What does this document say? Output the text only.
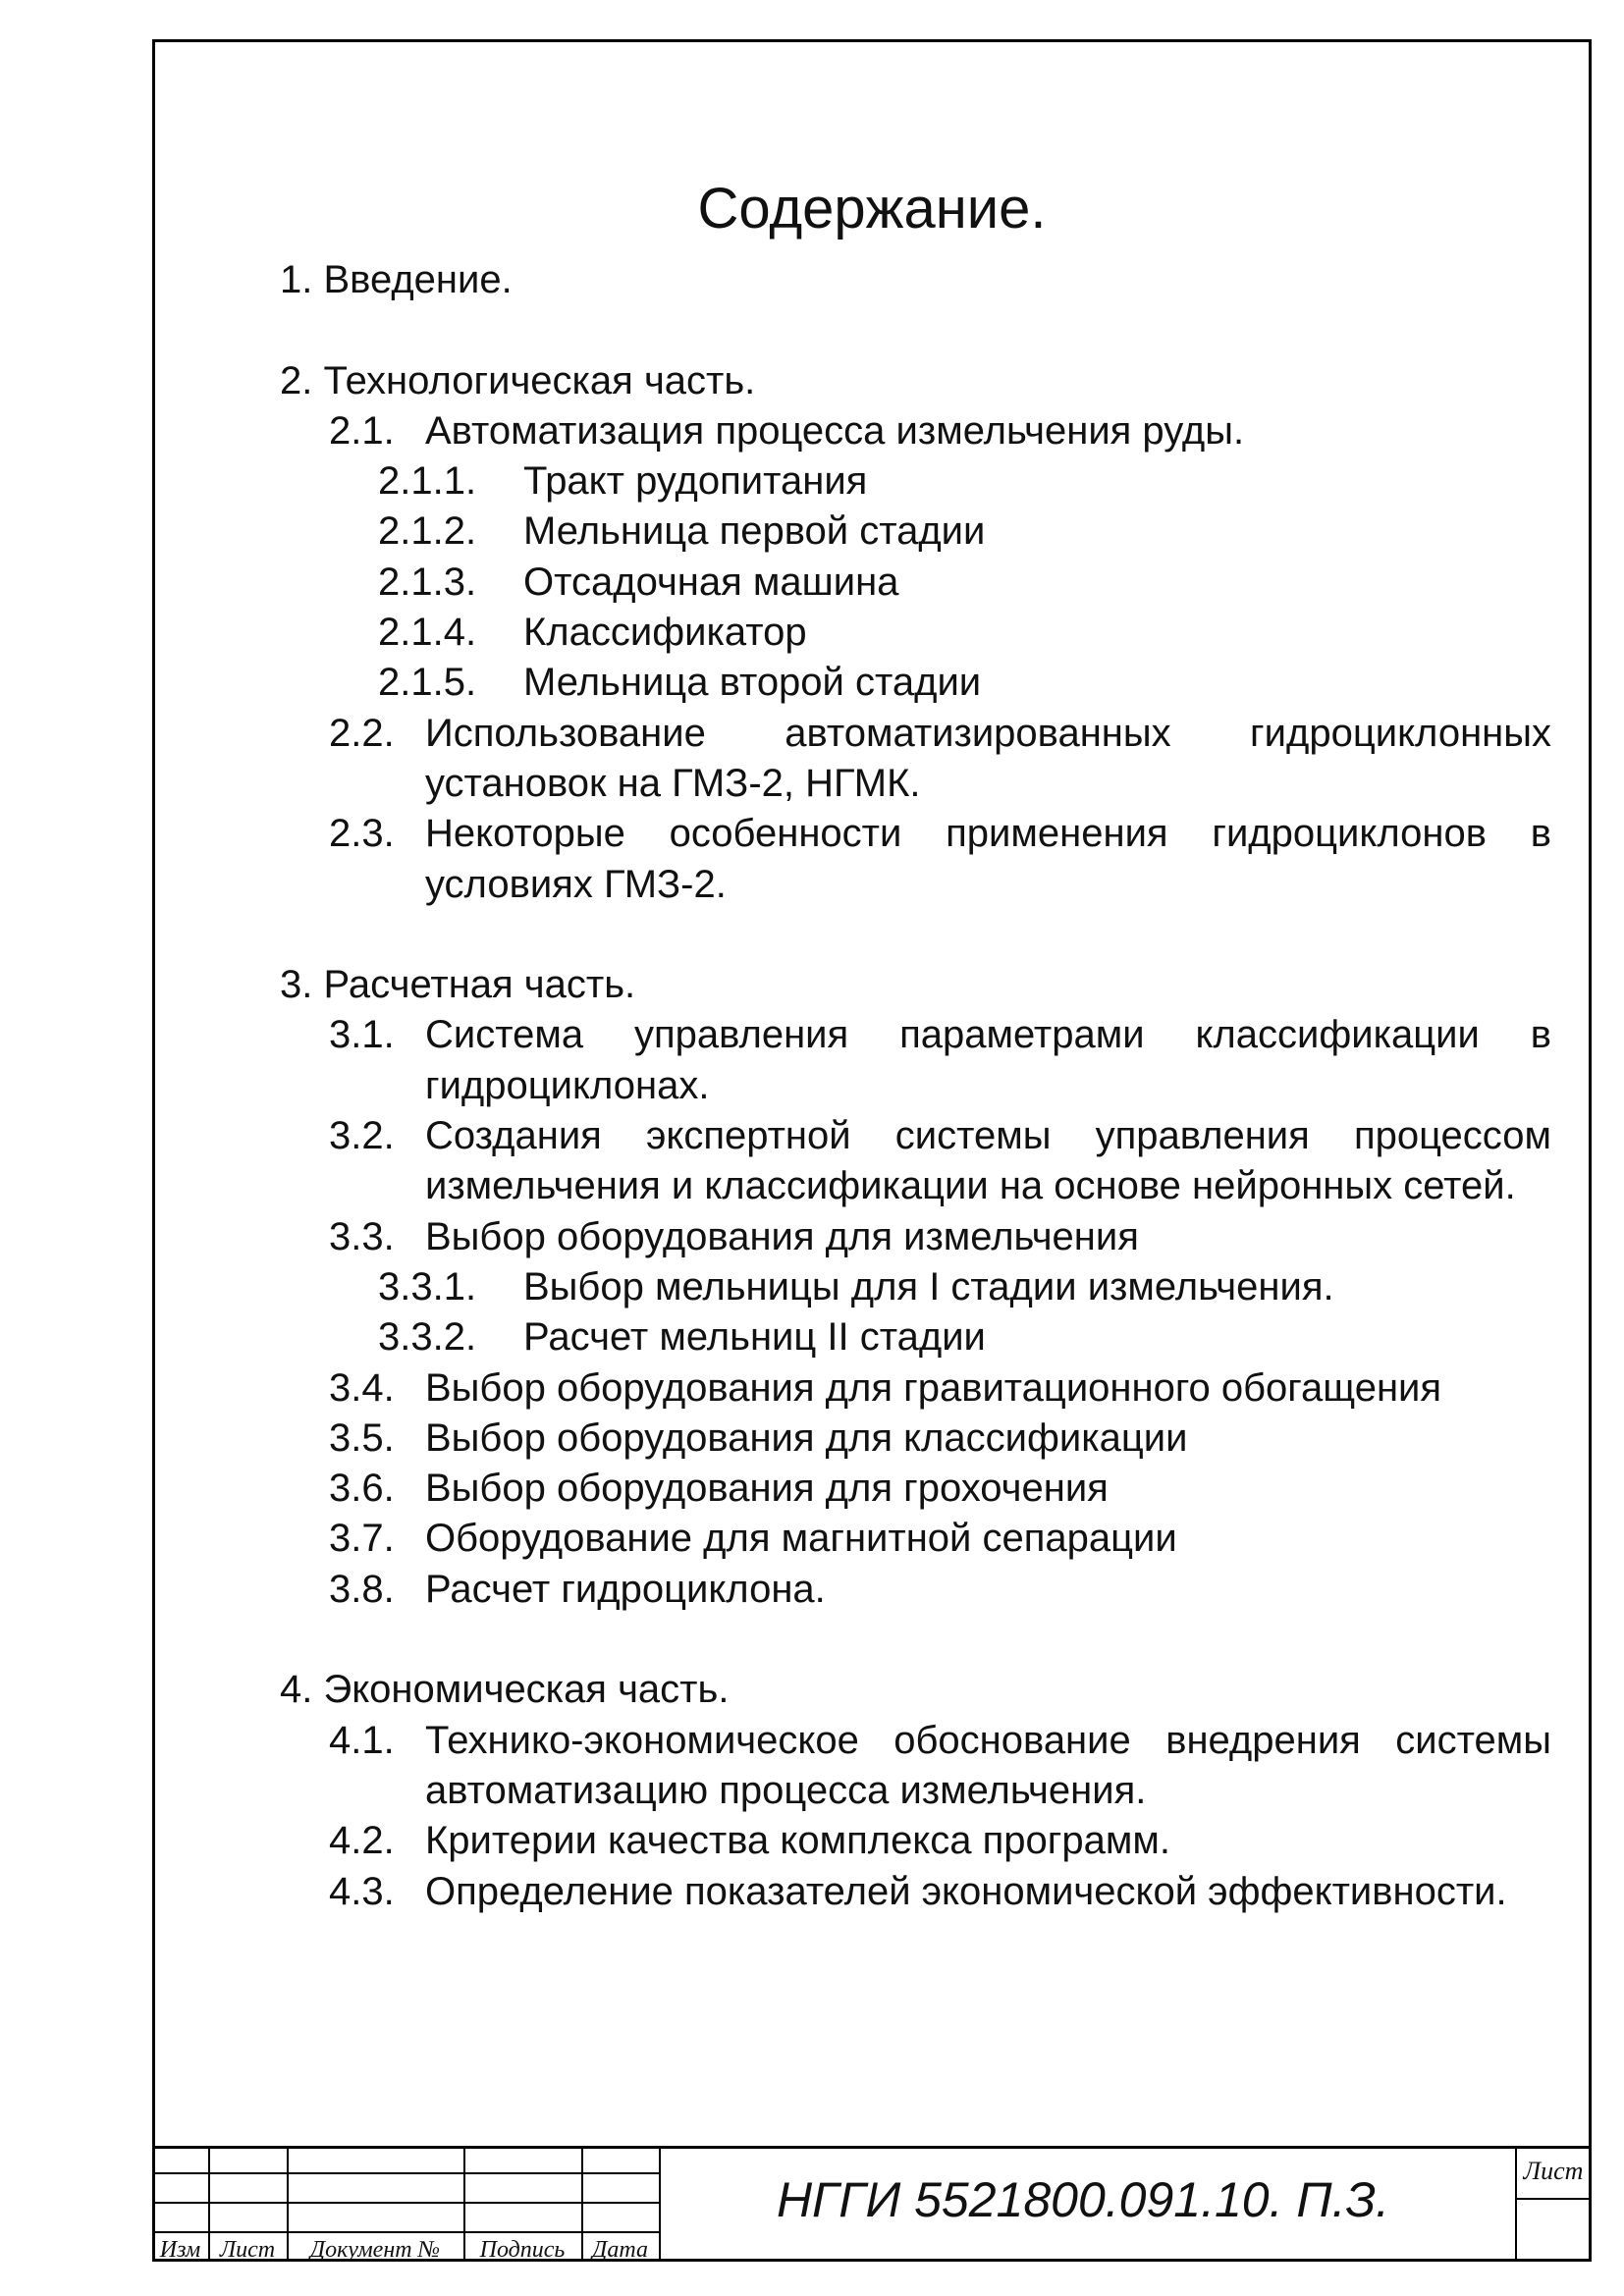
Содержание.
1. Введение.
2. Технологическая часть.
2.1. Автоматизация процесса измельчения руды.
2.1.1.	Тракт рудопитания
2.1.2.	Мельница первой стадии
2.1.3.	Отсадочная машина
2.1.4.	Классификатор
2.1.5.	Мельница второй стадии
2.2. Использование автоматизированных гидроциклонных установок на ГМЗ-2, НГМК.
2.3. Некоторые особенности применения гидроциклонов в условиях ГМЗ-2.
3. Расчетная часть.
3.1. Система управления параметрами классификации в гидроциклонах.
3.2. Создания экспертной системы управления процессом измельчения и классификации на основе нейронных сетей.
3.3. Выбор оборудования для измельчения
3.3.1.	Выбор мельницы для I стадии измельчения.
3.3.2.	Расчет мельниц II стадии
3.4. Выбор оборудования для гравитационного обогащения
3.5. Выбор оборудования для классификации
3.6. Выбор оборудования для грохочения
3.7. Оборудование для магнитной сепарации
3.8. Расчет гидроциклона.
4. Экономическая часть.
4.1. Технико-экономическое обоснование внедрения системы автоматизацию процесса измельчения.
4.2. Критерии качества комплекса программ.
4.3. Определение показателей экономической эффективности.
Изм Лист	Документ №	Подпись	Дата
НГГИ 5521800.091.10. П.З.
Лист
